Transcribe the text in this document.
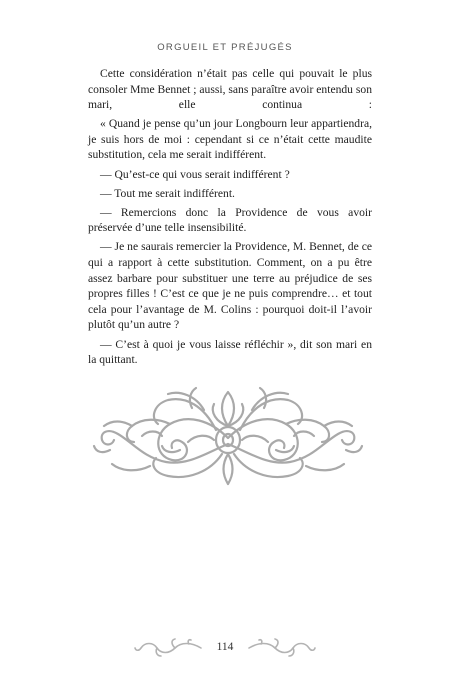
ORGUEIL ET PRÉJUGÉS

Cette considération n’était pas celle qui pouvait le plus consoler Mme Bennet ; aussi, sans paraître avoir entendu son mari, elle continua :

« Quand je pense qu’un jour Longbourn leur appartiendra, je suis hors de moi : cependant si ce n’était cette maudite substitution, cela me serait indifférent.

— Qu’est-ce qui vous serait indifférent ?

— Tout me serait indifférent.

— Remercions donc la Providence de vous avoir préservée d’une telle insensibilité.

— Je ne saurais remercier la Providence, M. Bennet, de ce qui a rapport à cette substitution. Comment, on a pu être assez barbare pour substituer une terre au préjudice de ses propres filles ! C’est ce que je ne puis comprendre… et tout cela pour l’avantage de M. Colins : pourquoi doit-il l’avoir plutôt qu’un autre ?

— C’est à quoi je vous laisse réfléchir », dit son mari en la quittant.

114
